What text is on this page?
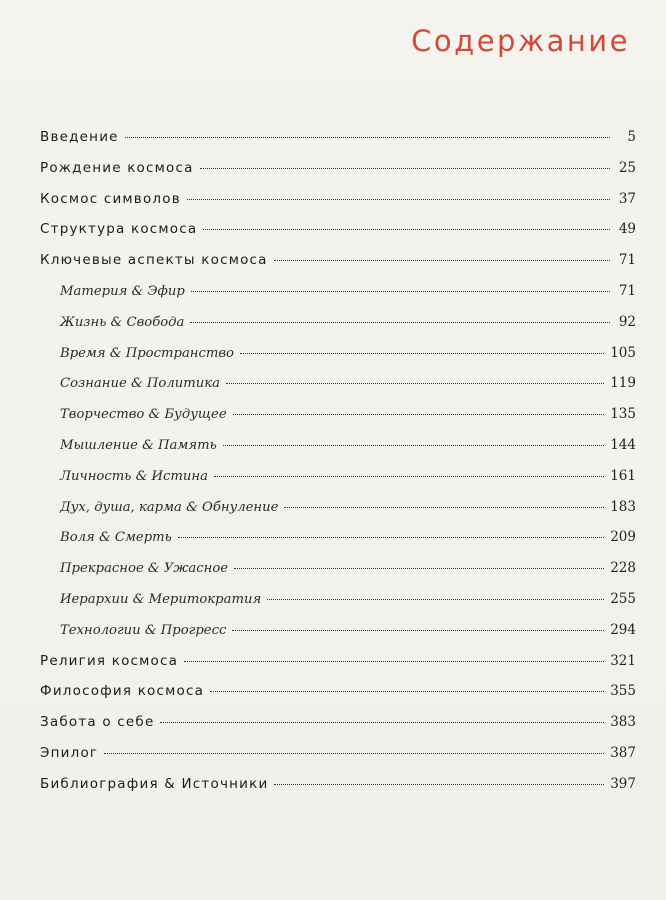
Содержание
Введение	5
Рождение космоса	25
Космос символов	37
Структура космоса	49
Ключевые аспекты космоса	71
Материя & Эфир	71
Жизнь & Свобода	92
Время & Пространство	105
Сознание & Политика	119
Творчество & Будущее	135
Мышление & Память	144
Личность & Истина	161
Дух, душа, карма & Обнуление	183
Воля & Смерть	209
Прекрасное & Ужасное	228
Иерархии & Меритократия	255
Технологии & Прогресс	294
Религия космоса	321
Философия космоса	355
Забота о себе	383
Эпилог	387
Библиография & Источники	397
